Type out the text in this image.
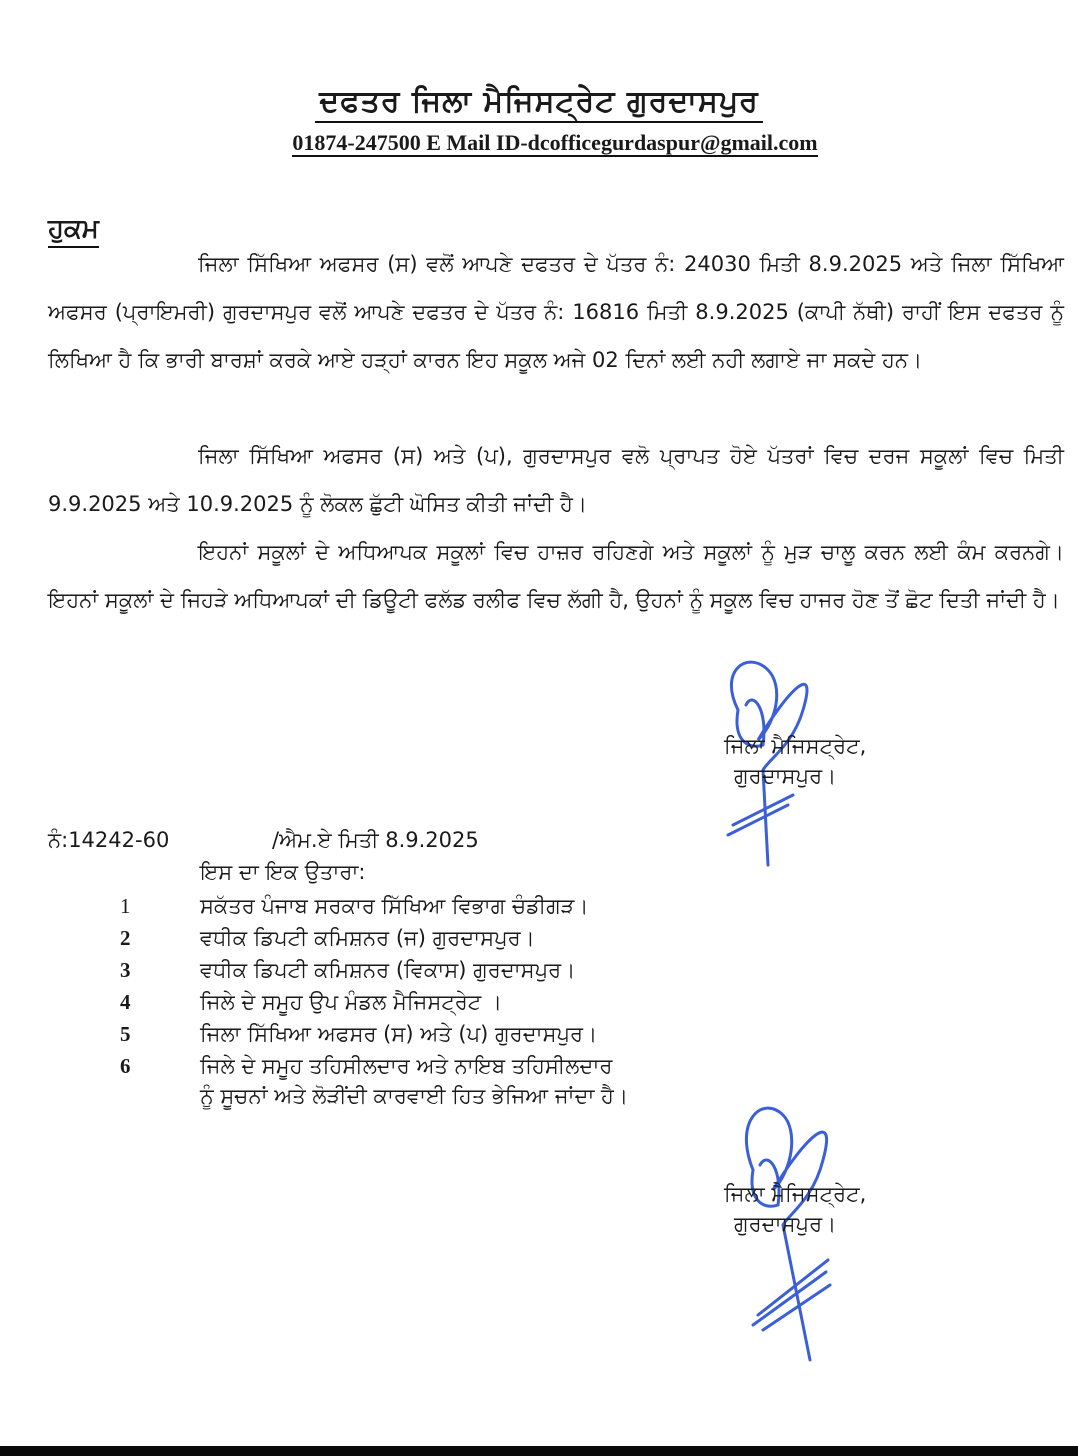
ਦਫਤਰ ਜਿਲਾ ਮੈਜਿਸਟ੍ਰੇਟ ਗੁਰਦਾਸਪੁਰ
01874-247500 E Mail ID-dcofficegurdaspur@gmail.com
ਹੁਕਮ
ਜਿਲਾ ਸਿੱਖਿਆ ਅਫਸਰ (ਸ) ਵਲੋਂ ਆਪਣੇ ਦਫਤਰ ਦੇ ਪੱਤਰ ਨੰ: 24030 ਮਿਤੀ 8.9.2025 ਅਤੇ ਜਿਲਾ ਸਿੱਖਿਆ ਅਫਸਰ (ਪ੍ਰਾਇਮਰੀ) ਗੁਰਦਾਸਪੁਰ ਵਲੋਂ ਆਪਣੇ ਦਫਤਰ ਦੇ ਪੱਤਰ ਨੰ: 16816 ਮਿਤੀ 8.9.2025 (ਕਾਪੀ ਨੱਥੀ) ਰਾਹੀਂ ਇਸ ਦਫਤਰ ਨੂੰ ਲਿਖਿਆ ਹੈ ਕਿ ਭਾਰੀ ਬਾਰਸ਼ਾਂ ਕਰਕੇ ਆਏ ਹੜ੍ਹਾਂ ਕਾਰਨ ਇਹ ਸਕੂਲ ਅਜੇ 02 ਦਿਨਾਂ ਲਈ ਨਹੀ ਲਗਾਏ ਜਾ ਸਕਦੇ ਹਨ।
ਜਿਲਾ ਸਿੱਖਿਆ ਅਫਸਰ (ਸ) ਅਤੇ (ਪ), ਗੁਰਦਾਸਪੁਰ ਵਲੋ ਪ੍ਰਾਪਤ ਹੋਏ ਪੱਤਰਾਂ ਵਿਚ ਦਰਜ ਸਕੂਲਾਂ ਵਿਚ ਮਿਤੀ 9.9.2025 ਅਤੇ 10.9.2025 ਨੂੰ ਲੋਕਲ ਛੁੱਟੀ ਘੋਸਿਤ ਕੀਤੀ ਜਾਂਦੀ ਹੈ।
ਇਹਨਾਂ ਸਕੂਲਾਂ ਦੇ ਅਧਿਆਪਕ ਸਕੂਲਾਂ ਵਿਚ ਹਾਜ਼ਰ ਰਹਿਣਗੇ ਅਤੇ ਸਕੂਲਾਂ ਨੂੰ ਮੁੜ ਚਾਲੂ ਕਰਨ ਲਈ ਕੰਮ ਕਰਨਗੇ। ਇਹਨਾਂ ਸਕੂਲਾਂ ਦੇ ਜਿਹੜੇ ਅਧਿਆਪਕਾਂ ਦੀ ਡਿਊਟੀ ਫਲੱਡ ਰਲੀਫ ਵਿਚ ਲੱਗੀ ਹੈ, ਉਹਨਾਂ ਨੂੰ ਸਕੂਲ ਵਿਚ ਹਾਜਰ ਹੋਣ ਤੋਂ ਛੋਟ ਦਿਤੀ ਜਾਂਦੀ ਹੈ।
ਜਿਲਾ ਮੈਜਿਸਟ੍ਰੇਟ,
ਗੁਰਦਾਸਪੁਰ।
ਨੰ:14242-60	/ਐਮ.ਏ ਮਿਤੀ 8.9.2025
ਇਸ ਦਾ ਇਕ ਉਤਾਰਾ:
1	ਸਕੱਤਰ ਪੰਜਾਬ ਸਰਕਾਰ ਸਿੱਖਿਆ ਵਿਭਾਗ ਚੰਡੀਗੜ।
2	ਵਧੀਕ ਡਿਪਟੀ ਕਮਿਸ਼ਨਰ (ਜ) ਗੁਰਦਾਸਪੁਰ।
3	ਵਧੀਕ ਡਿਪਟੀ ਕਮਿਸ਼ਨਰ (ਵਿਕਾਸ) ਗੁਰਦਾਸਪੁਰ।
4	ਜਿਲੇ ਦੇ ਸਮੂਹ ਉਪ ਮੰਡਲ ਮੈਜਿਸਟ੍ਰੇਟ ।
5	ਜਿਲਾ ਸਿੱਖਿਆ ਅਫਸਰ (ਸ) ਅਤੇ (ਪ) ਗੁਰਦਾਸਪੁਰ।
6	ਜਿਲੇ ਦੇ ਸਮੂਹ ਤਹਿਸੀਲਦਾਰ ਅਤੇ ਨਾਇਬ ਤਹਿਸੀਲਦਾਰ
ਨੂੰ ਸੂਚਨਾਂ ਅਤੇ ਲੋੜੀਂਦੀ ਕਾਰਵਾਈ ਹਿਤ ਭੇਜਿਆ ਜਾਂਦਾ ਹੈ।
ਜਿਲਾ ਮੈਜਿਸਟ੍ਰੇਟ,
ਗੁਰਦਾਸਪੁਰ।
